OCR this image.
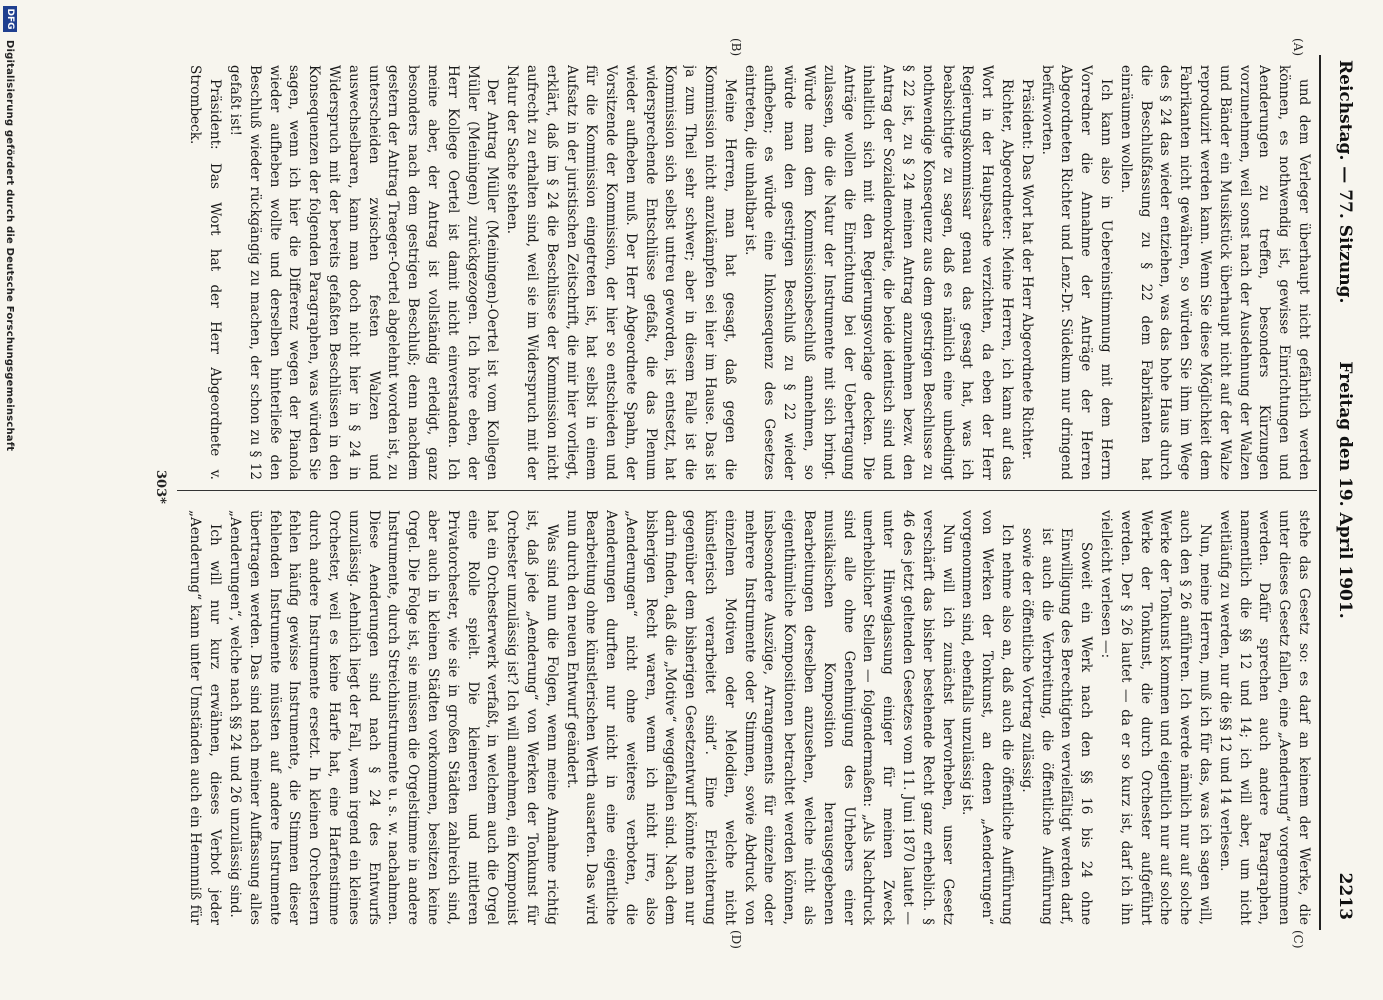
Reichstag. — 77. Sitzung.
Freitag den 19. April 1901.
2213
(A)
(B)
(C)
(D)

und dem Verleger überhaupt nicht gefährlich werden können, es nothwendig ist, gewisse Einrichtungen und Aenderungen zu treffen, besonders Kürzungen vorzunehmen, weil sonst nach der Ausdehnung der Walzen und Bänder ein Musikstück überhaupt nicht auf der Walze reproduzirt werden kann. Wenn Sie diese Möglichkeit dem Fabrikanten nicht gewähren, so würden Sie ihm im Wege des § 24 das wieder entziehen, was das hohe Haus durch die Beschlußfassung zu § 22 dem Fabrikanten hat einräumen wollen.

Ich kann also in Uebereinstimmung mit dem Herrn Vorredner die Annahme der Anträge der Herren Abgeordneten Richter und Lenz-Dr. Südekum nur dringend befürworten.

Präsident: Das Wort hat der Herr Abgeordnete Richter.

Richter, Abgeordneter: Meine Herren, ich kann auf das Wort in der Hauptsache verzichten, da eben der Herr Regierungskommissar genau das gesagt hat, was ich beabsichtigte zu sagen, daß es nämlich eine unbedingt nothwendige Konsequenz aus dem gestrigen Beschlusse zu § 22 ist, zu § 24 meinen Antrag anzunehmen bezw. den Antrag der Sozialdemokratie, die beide identisch sind und inhaltlich sich mit den Regierungsvorlage decken. Die Anträge wollen die Einrichtung bei der Uebertragung zulassen, die die Natur der Instrumente mit sich bringt. Würde man dem Kommissionsbeschluß annehmen, so würde man den gestrigen Beschluß zu § 22 wieder aufheben; es würde eine Inkonsequenz des Gesetzes eintreten, die unhaltbar ist.

Meine Herren, man hat gesagt, daß gegen die Kommission nicht anzukämpfen sei hier im Hause. Das ist ja zum Theil sehr schwer; aber in diesem Falle ist die Kommission sich selbst untreu geworden, ist entsetzt, hat widersprechende Entschlüsse gefaßt, die das Plenum wieder aufheben muß. Der Herr Abgeordnete Spahn, der Vorsitzende der Kommission, der hier so entschieden und für die Kommission eingetreten ist, hat selbst in einem Aufsatz in der juristischen Zeitschrift, die mir hier vorliegt, erklärt, daß im § 24 die Beschlüsse der Kommission nicht aufrecht zu erhalten sind, weil sie im Widerspruch mit der Natur der Sache stehen.

Der Antrag Müller (Meiningen)-Oertel ist vom Kollegen Müller (Meiningen) zurückgezogen. Ich höre eben, der Herr Kollege Oertel ist damit nicht einverstanden. Ich meine aber, der Antrag ist vollständig erledigt, ganz besonders nach dem gestrigen Beschluß; denn nachdem gestern der Antrag Traeger-Oertel abgelehnt worden ist, zu unterscheiden zwischen festen Walzen und auswechselbaren, kann man doch nicht hier in § 24 in Widerspruch mit der bereits gefaßten Beschlüssen in den Konsequenzen der folgenden Paragraphen, was würden Sie sagen, wenn ich hier die Differenz wegen der Pianola wieder aufheben wollte und derselben hinterließe den Beschluß wieder rückgängig zu machen, der schon zu § 12 gefaßt ist!

Präsident: Das Wort hat der Herr Abgeordnete v. Strombeck.

stehe das Gesetz so: es darf an keinem der Werke, die unter dieses Gesetz fallen, eine „Aenderung“ vorgenommen werden. Dafür sprechen auch andere Paragraphen, namentlich die §§ 12 und 14; ich will aber, um nicht weitläufig zu werden, nur die §§ 12 und 14 verlesen.

Nun, meine Herren, muß ich für das, was ich sagen will, auch den § 26 anführen. Ich werde nämlich nur auf solche Werke der Tonkunst kommen und eigentlich nur auf solche Werke der Tonkunst, die durch Orchester aufgeführt werden. Der § 26 lautet — da er so kurz ist, darf ich ihn vielleicht verlesen —:

Soweit ein Werk nach den §§ 16 bis 24 ohne Einwilligung des Berechtigten vervielfältigt werden darf, ist auch die Verbreitung, die öffentliche Aufführung sowie der öffentliche Vortrag zulässig.

Ich nehme also an, daß auch die öffentliche Aufführung von Werken der Tonkunst, an denen „Aenderungen“ vorgenommen sind, ebenfalls unzulässig ist.

Nun will ich zunächst hervorheben, unser Gesetz verschärft das bisher bestehende Recht ganz erheblich. § 46 des jetzt geltenden Gesetzes vom 11. Juni 1870 lautet — unter Hinweglassung einiger für meinen Zweck unerheblicher Stellen — folgendermaßen: „Als Nachdruck sind alle ohne Genehmigung des Urhebers einer musikalischen Komposition herausgegebenen Bearbeitungen derselben anzusehen, welche nicht als eigenthümliche Kompositionen betrachtet werden können, insbesondere Auszüge, Arrangements für einzelne oder mehrere Instrumente oder Stimmen, sowie Abdruck von einzelnen Motiven oder Melodien, welche nicht künstlerisch verarbeitet sind“. Eine Erleichterung gegenüber dem bisherigen Gesetzentwurf könnte man nur darin finden, daß die „Motive“ weggefallen sind. Nach dem bisherigen Recht waren, wenn ich nicht irre, also „Aenderungen“ nicht ohne weiteres verboten, die Aenderungen durften nur nicht in eine eigentliche Bearbeitung ohne künstlerischen Werth ausarten. Das wird nun durch den neuen Entwurf geändert.

Was sind nun die Folgen, wenn meine Annahme richtig ist, daß jede „Aenderung“ von Werken der Tonkunst für Orchester unzulässig ist? Ich will annehmen, ein Komponist hat ein Orchesterwerk verfaßt, in welchem auch die Orgel eine Rolle spielt. Die kleineren und mittleren Privatorchester, wie sie in großen Städten zahlreich sind, aber auch in kleinen Städten vorkommen, besitzen keine Orgel. Die Folge ist, sie müssen die Orgelstimme in andere Instrumente, durch Streichinstrumente u. s. w. nachahmen. Diese Aenderungen sind nach § 24 des Entwurfs unzulässig. Aehnlich liegt der Fall, wenn irgend ein kleines Orchester, weil es keine Harfe hat, eine Harfenstimme durch andere Instrumente ersetzt. In kleinen Orchestern fehlen häufig gewisse Instrumente, die Stimmen dieser fehlenden Instrumente müssten auf andere Instrumente übertragen werden. Das sind nach meiner Auffassung alles „Aenderungen“, welche nach §§ 24 und 26 unzulässig sind.

Ich will nur kurz erwähnen, dieses Verbot jeder „Aenderung“ kann unter Umständen auch ein Hemmniß für

303*
DFG
Digitalisierung gefördert durch die Deutsche Forschungsgemeinschaft
